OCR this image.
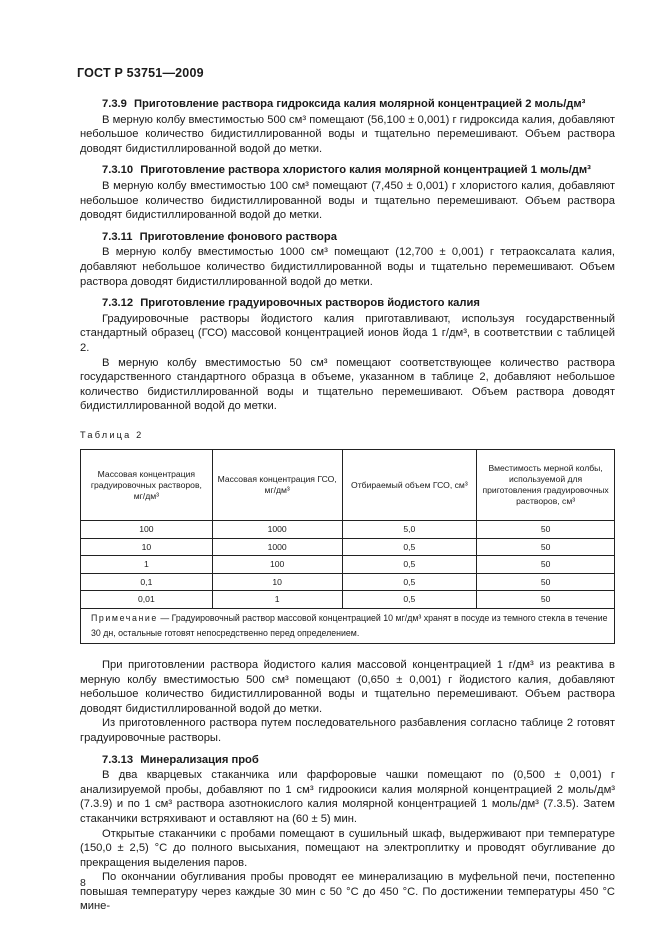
ГОСТ Р 53751—2009
7.3.9 Приготовление раствора гидроксида калия молярной концентрацией 2 моль/дм³

В мерную колбу вместимостью 500 см³ помещают (56,100 ± 0,001) г гидроксида калия, добавляют небольшое количество бидистиллированной воды и тщательно перемешивают. Объем раствора доводят бидистиллированной водой до метки.

7.3.10 Приготовление раствора хлористого калия молярной концентрацией 1 моль/дм³

В мерную колбу вместимостью 100 см³ помещают (7,450 ± 0,001) г хлористого калия, добавляют небольшое количество бидистиллированной воды и тщательно перемешивают. Объем раствора доводят бидистиллированной водой до метки.

7.3.11 Приготовление фонового раствора

В мерную колбу вместимостью 1000 см³ помещают (12,700 ± 0,001) г тетраоксалата калия, добавляют небольшое количество бидистиллированной воды и тщательно перемешивают. Объем раствора доводят бидистиллированной водой до метки.

7.3.12 Приготовление градуировочных растворов йодистого калия

Градуировочные растворы йодистого калия приготавливают, используя государственный стандартный образец (ГСО) массовой концентрацией ионов йода 1 г/дм³, в соответствии с таблицей 2.

В мерную колбу вместимостью 50 см³ помещают соответствующее количество раствора государственного стандартного образца в объеме, указанном в таблице 2, добавляют небольшое количество бидистиллированной воды и тщательно перемешивают. Объем раствора доводят бидистиллированной водой до метки.

Таблица 2
Массовая концентрация градуировочных растворов, мг/дм³	Массовая концентрация ГСО, мг/дм³	Отбираемый объем ГСО, см³	Вместимость мерной колбы, используемой для приготовления градуировочных растворов, см³
100	1000	5,0	50
10	1000	0,5	50
1	100	0,5	50
0,1	10	0,5	50
0,01	1	0,5	50
Примечание — Градуировочный раствор массовой концентрацией 10 мг/дм³ хранят в посуде из темного стекла в течение 30 дн, остальные готовят непосредственно перед определением.			

При приготовлении раствора йодистого калия массовой концентрацией 1 г/дм³ из реактива в мерную колбу вместимостью 500 см³ помещают (0,650 ± 0,001) г йодистого калия, добавляют небольшое количество бидистиллированной воды и тщательно перемешивают. Объем раствора доводят бидистиллированной водой до метки.

Из приготовленного раствора путем последовательного разбавления согласно таблице 2 готовят градуировочные растворы.

7.3.13 Минерализация проб

В два кварцевых стаканчика или фарфоровые чашки помещают по (0,500 ± 0,001) г анализируемой пробы, добавляют по 1 см³ гидроокиси калия молярной концентрацией 2 моль/дм³ (7.3.9) и по 1 см³ раствора азотнокислого калия молярной концентрацией 1 моль/дм³ (7.3.5). Затем стаканчики встряхивают и оставляют на (60 ± 5) мин.

Открытые стаканчики с пробами помещают в сушильный шкаф, выдерживают при температуре (150,0 ± 2,5) °С до полного высыхания, помещают на электроплитку и проводят обугливание до прекращения выделения паров.

По окончании обугливания пробы проводят ее минерализацию в муфельной печи, постепенно повышая температуру через каждые 30 мин с 50 °С до 450 °С. По достижении температуры 450 °С мине-

8
